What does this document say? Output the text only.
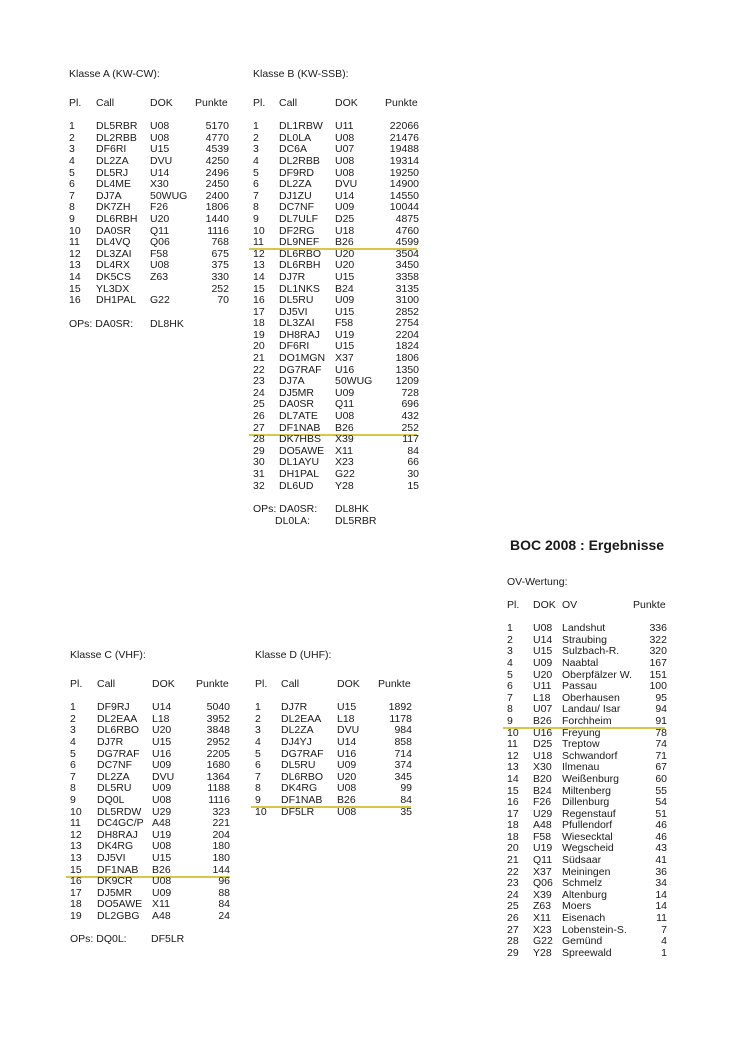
Klasse A (KW-CW):
Pl. Call	DOK Punkte
1 DL5RBR U08	5170
2 DL2RBB U08	4770
3 DF6RI U15	4539
4 DL2ZA DVU	4250
5 DL5RJ U14	2496
6 DL4ME X30	2450
7 DJ7A	50WUG	2400
8 DK7ZH F26	1806
9 DL6RBH U20	1440
10 DA0SR Q11	1116
11 DL4VQ Q06	768
12 DL3ZAI F58	675
13 DL4RX U08	375
14 DK5CS Z63	330
15 YL3DX	252
16 DH1PAL G22	70
OPs: DA0SR: DL8HK
Klasse B (KW-SSB):
Pl. Call	DOK	Punkte
1 DL1RBW U11	22066
2 DL0LA U08	21476
3 DC6A	U07	19488
4 DL2RBB U08	19314
5 DF9RD U08	19250
6 DL2ZA DVU	14900
7 DJ1ZU U14	14550
8 DC7NF U09	10044
9 DL7ULF D25	4875
10 DF2RG U18	4760
11 DL9NEF B26	4599
12 DL6RBO U20	3504
13 DL6RBH U20	3450
14 DJ7R	U15	3358
15 DL1NKS B24	3135
16 DL5RU U09	3100
17 DJ5VI	U15	2852
18 DL3ZAI F58	2754
19 DH8RAJ U19	2204
20 DF6RI U15	1824
21 DO1MGN X37	1806
22 DG7RAF U16	1350
23 DJ7A	50WUG	1209
24 DJ5MR U09	728
25 DA0SR Q11	696
26 DL7ATE U08	432
27 DF1NAB B26	252
28 DK7HBS X39	117
29 DO5AWE X11	84
30 DL1AYU X23	66
31 DH1PAL G22	30
32 DL6UD Y28	15
OPs: DA0SR: DL8HK
DL0LA: DL5RBR
Klasse C (VHF):
Pl. Call	DOK Punkte
1 DF9RJ U14	5040
2 DL2EAA L18	3952
3 DL6RBO U20	3848
4 DJ7R	U15	2952
5 DG7RAF U16	2205
6 DC7NF U09	1680
7 DL2ZA DVU	1364
8 DL5RU U09	1188
9 DQ0L	U08	1116
10 DL5RDW U29	323
11 DC4GC/P A48	221
12 DH8RAJ U19	204
13 DK4RG U08	180
13 DJ5VI	U15	180
15 DF1NAB B26	144
16 DK9CR U08	96
17 DJ5MR U09	88
18 DO5AWE X11	84
19 DL2GBG A48	24
OPs: DQ0L: DF5LR
Klasse D (UHF):
Pl. Call	DOK Punkte
1 DJ7R	U15	1892
2 DL2EAA L18	1178
3 DL2ZA DVU	984
4 DJ4YJ U14	858
5 DG7RAF U16	714
6 DL5RU U09	374
7 DL6RBO U20	345
8 DK4RG U08	99
9 DF1NAB B26	84
10 DF5LR U08	35
BOC 2008 : Ergebnisse
OV-Wertung:
Pl. DOK OV	Punkte
1 U08 Landshut	336
2 U14 Straubing	322
3 U15 Sulzbach-R.	320
4 U09 Naabtal	167
5 U20 Oberpfälzer W.	151
6 U11 Passau	100
7 L18 Oberhausen	95
8 U07 Landau/ Isar	94
9 B26 Forchheim	91
10 U16 Freyung	78
11 D25 Treptow	74
12 U18 Schwandorf	71
13 X30 Ilmenau	67
14 B20 Weißenburg	60
15 B24 Miltenberg	55
16 F26 Dillenburg	54
17 U29 Regenstauf	51
18 A48 Pfullendorf	46
18 F58 Wiesecktal	46
20 U19 Wegscheid	43
21 Q11 Südsaar	41
22 X37 Meiningen	36
23 Q06 Schmelz	34
24 X39 Altenburg	14
25 Z63 Moers	14
26 X11 Eisenach	11
27 X23 Lobenstein-S.	7
28 G22 Gemünd	4
29 Y28 Spreewald	1
